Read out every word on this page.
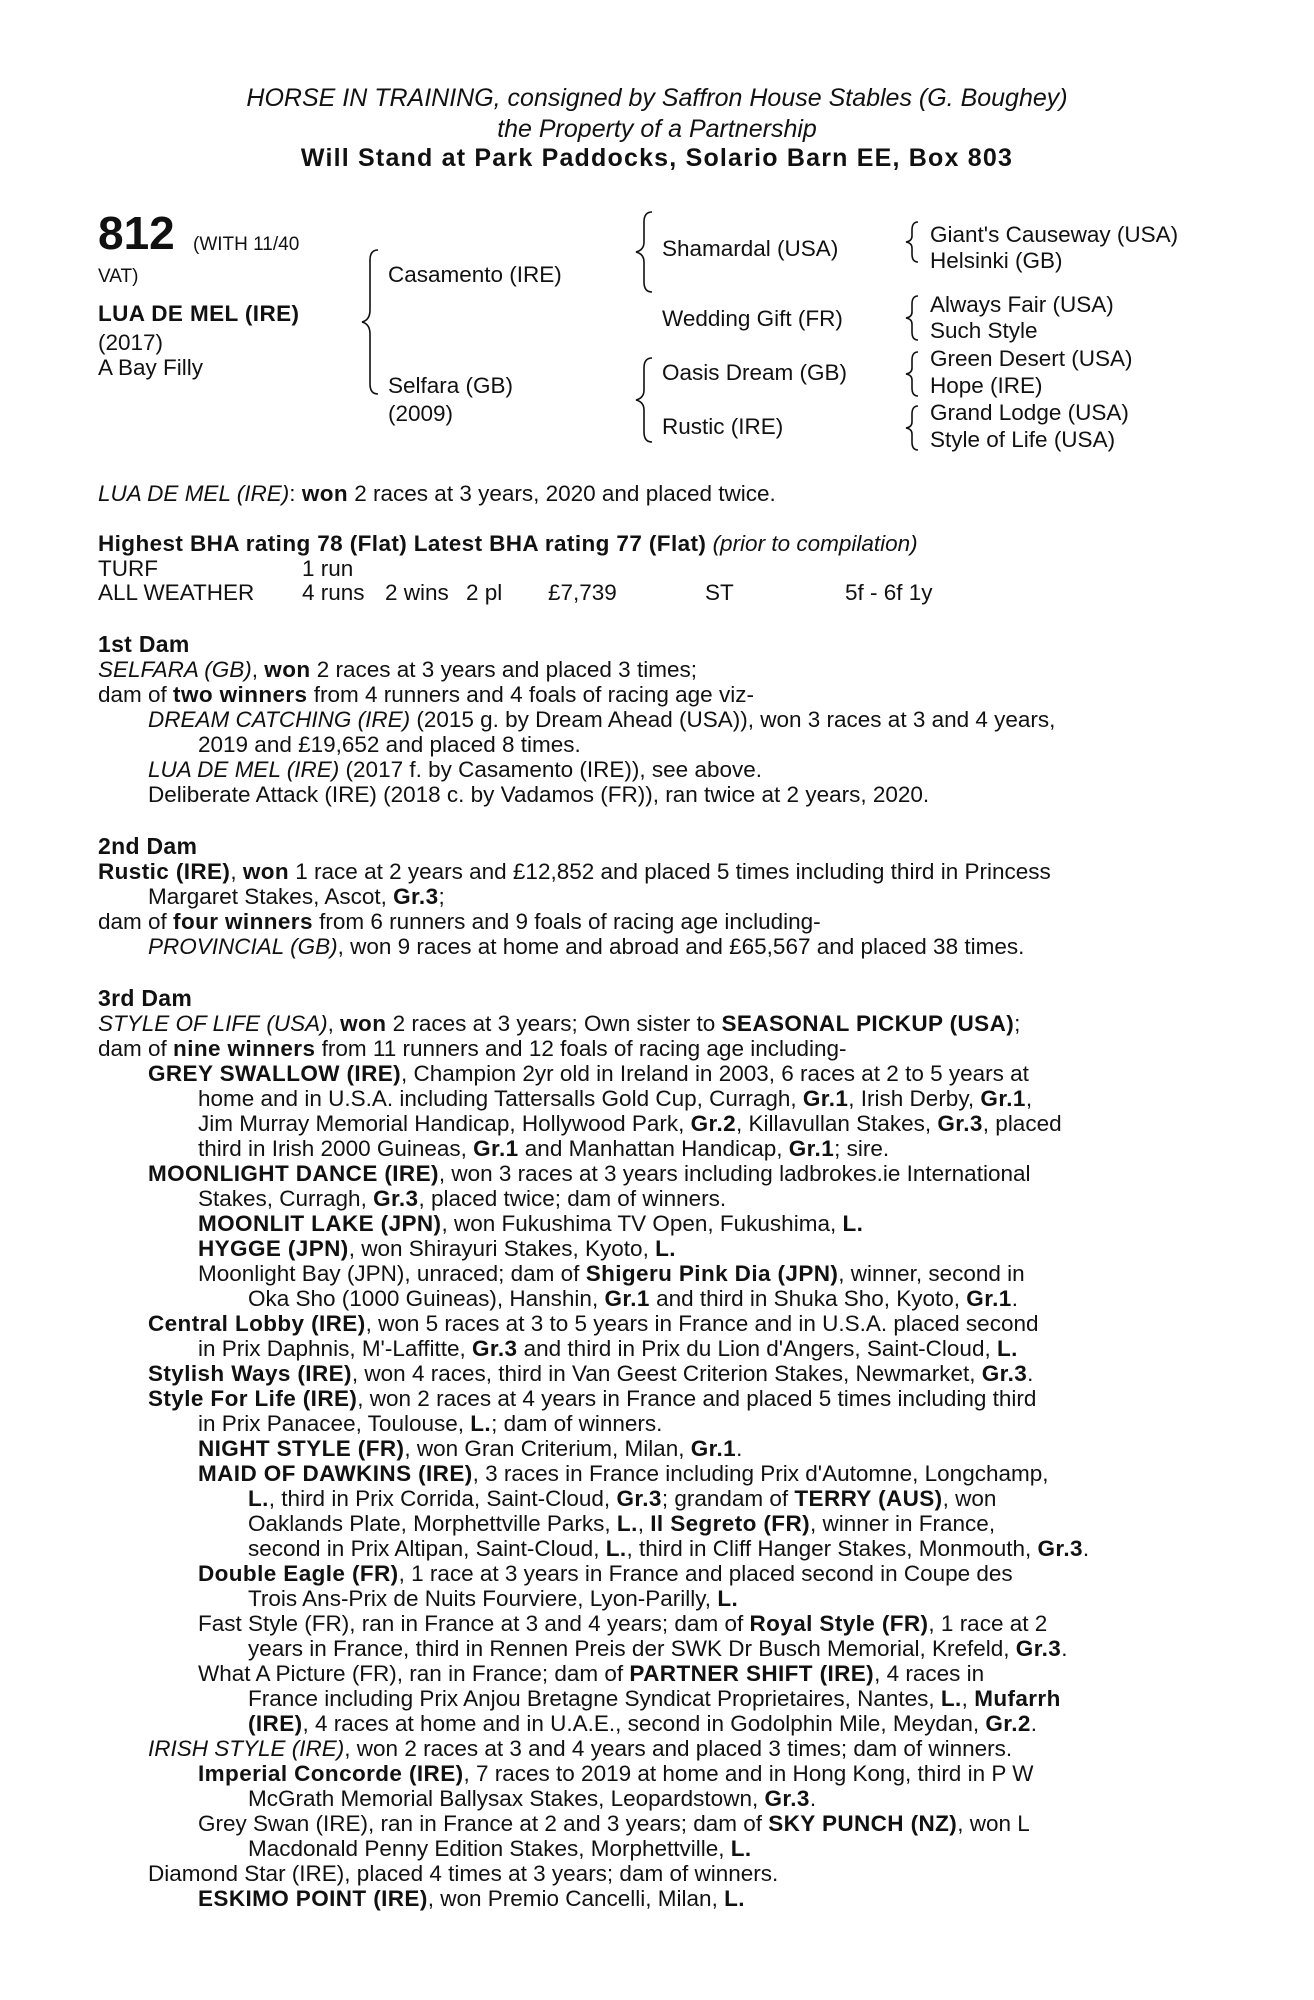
HORSE IN TRAINING, consigned by Saffron House Stables (G. Boughey)
the Property of a Partnership
Will Stand at Park Paddocks, Solario Barn EE, Box 803
812 (WITH 11/40
VAT)
LUA DE MEL (IRE)
(2017)
A Bay Filly
Casamento (IRE)
Selfara (GB)
(2009)
Shamardal (USA)
Wedding Gift (FR)
Oasis Dream (GB)
Rustic (IRE)
Giant's Causeway (USA)
Helsinki (GB)
Always Fair (USA)
Such Style
Green Desert (USA)
Hope (IRE)
Grand Lodge (USA)
Style of Life (USA)
LUA DE MEL (IRE): won 2 races at 3 years, 2020 and placed twice.
Highest BHA rating 78 (Flat) Latest BHA rating 77 (Flat) (prior to compilation)
TURF	1 run
ALL WEATHER 4 runs 2 wins 2 pl £7,739	ST	5f - 6f 1y
1st Dam
SELFARA (GB), won 2 races at 3 years and placed 3 times;
dam of two winners from 4 runners and 4 foals of racing age viz-
DREAM CATCHING (IRE) (2015 g. by Dream Ahead (USA)), won 3 races at 3 and 4 years,
2019 and £19,652 and placed 8 times.
LUA DE MEL (IRE) (2017 f. by Casamento (IRE)), see above.
Deliberate Attack (IRE) (2018 c. by Vadamos (FR)), ran twice at 2 years, 2020.
2nd Dam
Rustic (IRE), won 1 race at 2 years and £12,852 and placed 5 times including third in Princess
Margaret Stakes, Ascot, Gr.3;
dam of four winners from 6 runners and 9 foals of racing age including-
PROVINCIAL (GB), won 9 races at home and abroad and £65,567 and placed 38 times.
3rd Dam
STYLE OF LIFE (USA), won 2 races at 3 years; Own sister to SEASONAL PICKUP (USA);
dam of nine winners from 11 runners and 12 foals of racing age including-
GREY SWALLOW (IRE), Champion 2yr old in Ireland in 2003, 6 races at 2 to 5 years at
home and in U.S.A. including Tattersalls Gold Cup, Curragh, Gr.1, Irish Derby, Gr.1,
Jim Murray Memorial Handicap, Hollywood Park, Gr.2, Killavullan Stakes, Gr.3, placed
third in Irish 2000 Guineas, Gr.1 and Manhattan Handicap, Gr.1; sire.
MOONLIGHT DANCE (IRE), won 3 races at 3 years including ladbrokes.ie International
Stakes, Curragh, Gr.3, placed twice; dam of winners.
MOONLIT LAKE (JPN), won Fukushima TV Open, Fukushima, L.
HYGGE (JPN), won Shirayuri Stakes, Kyoto, L.
Moonlight Bay (JPN), unraced; dam of Shigeru Pink Dia (JPN), winner, second in
Oka Sho (1000 Guineas), Hanshin, Gr.1 and third in Shuka Sho, Kyoto, Gr.1.
Central Lobby (IRE), won 5 races at 3 to 5 years in France and in U.S.A. placed second
in Prix Daphnis, M'-Laffitte, Gr.3 and third in Prix du Lion d'Angers, Saint-Cloud, L.
Stylish Ways (IRE), won 4 races, third in Van Geest Criterion Stakes, Newmarket, Gr.3.
Style For Life (IRE), won 2 races at 4 years in France and placed 5 times including third
in Prix Panacee, Toulouse, L.; dam of winners.
NIGHT STYLE (FR), won Gran Criterium, Milan, Gr.1.
MAID OF DAWKINS (IRE), 3 races in France including Prix d'Automne, Longchamp,
L., third in Prix Corrida, Saint-Cloud, Gr.3; grandam of TERRY (AUS), won
Oaklands Plate, Morphettville Parks, L., Il Segreto (FR), winner in France,
second in Prix Altipan, Saint-Cloud, L., third in Cliff Hanger Stakes, Monmouth, Gr.3.
Double Eagle (FR), 1 race at 3 years in France and placed second in Coupe des
Trois Ans-Prix de Nuits Fourviere, Lyon-Parilly, L.
Fast Style (FR), ran in France at 3 and 4 years; dam of Royal Style (FR), 1 race at 2
years in France, third in Rennen Preis der SWK Dr Busch Memorial, Krefeld, Gr.3.
What A Picture (FR), ran in France; dam of PARTNER SHIFT (IRE), 4 races in
France including Prix Anjou Bretagne Syndicat Proprietaires, Nantes, L., Mufarrh
(IRE), 4 races at home and in U.A.E., second in Godolphin Mile, Meydan, Gr.2.
IRISH STYLE (IRE), won 2 races at 3 and 4 years and placed 3 times; dam of winners.
Imperial Concorde (IRE), 7 races to 2019 at home and in Hong Kong, third in P W
McGrath Memorial Ballysax Stakes, Leopardstown, Gr.3.
Grey Swan (IRE), ran in France at 2 and 3 years; dam of SKY PUNCH (NZ), won L
Macdonald Penny Edition Stakes, Morphettville, L.
Diamond Star (IRE), placed 4 times at 3 years; dam of winners.
ESKIMO POINT (IRE), won Premio Cancelli, Milan, L.
